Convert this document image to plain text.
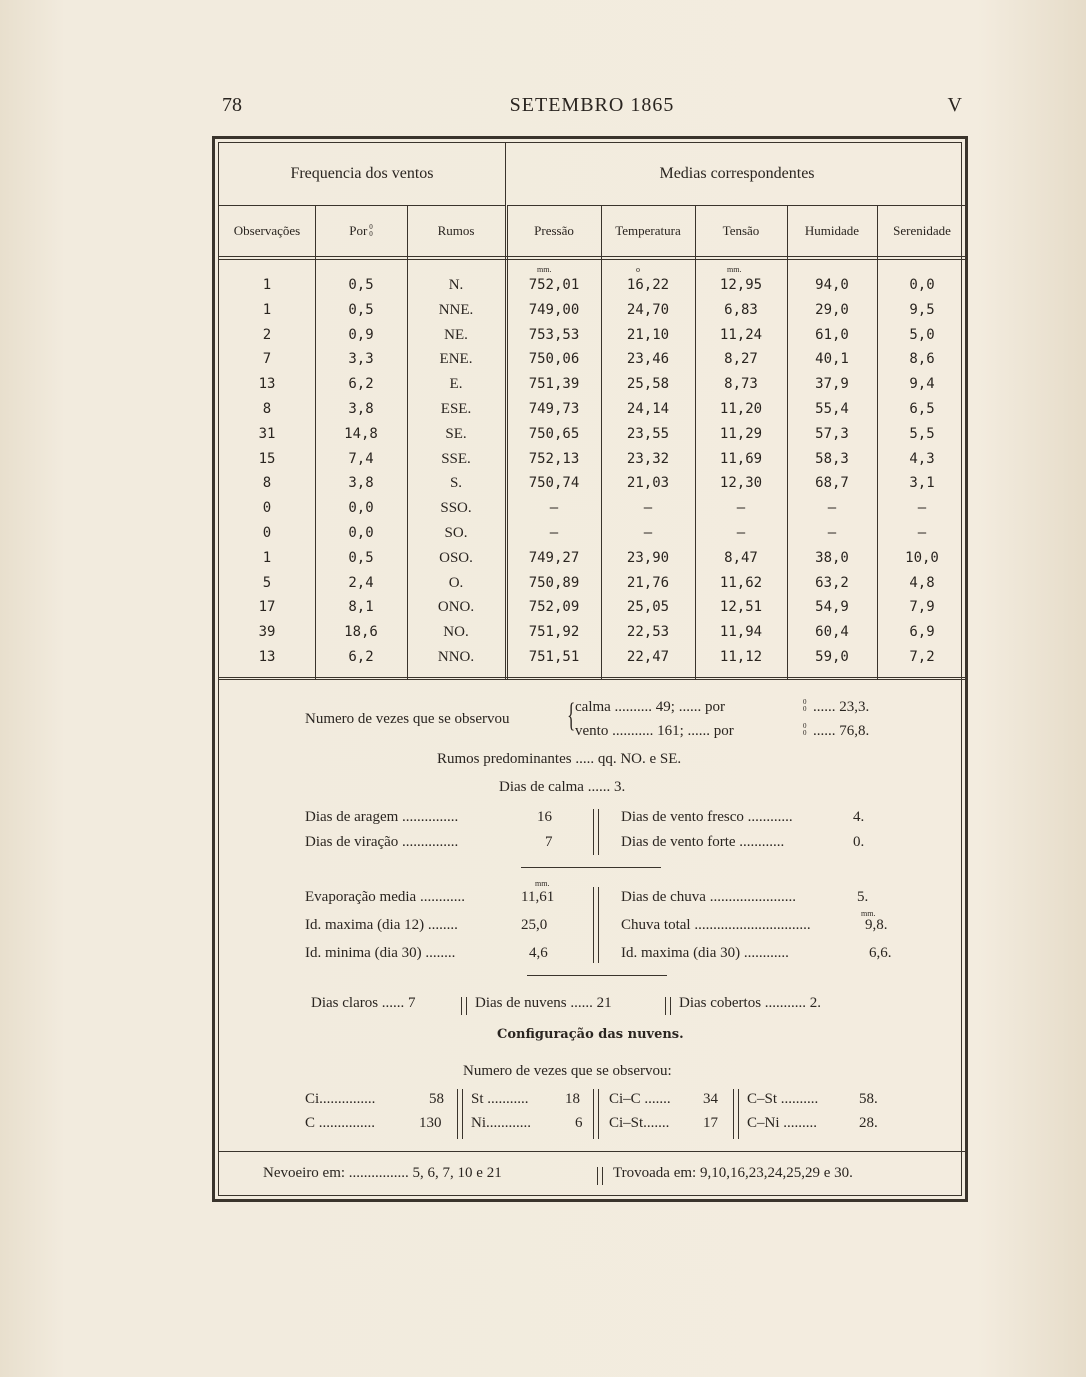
78	SETEMBRO 1865	V
Frequencia dos ventos	Medias correspondentes
Observações	Por 0
0	Rumos	Pressão	Temperatura	Tensão	Humidade	Serenidade
mm.	o	mm.
1	0,5	N.	752,01	16,22	12,95	94,0	0,0
1	0,5	NNE.	749,00	24,70	6,83	29,0	9,5
2	0,9	NE.	753,53	21,10	11,24	61,0	5,0
7	3,3	ENE.	750,06	23,46	8,27	40,1	8,6
13	6,2	E.	751,39	25,58	8,73	37,9	9,4
8	3,8	ESE.	749,73	24,14	11,20	55,4	6,5
31	14,8	SE.	750,65	23,55	11,29	57,3	5,5
15	7,4	SSE.	752,13	23,32	11,69	58,3	4,3
8	3,8	S.	750,74	21,03	12,30	68,7	3,1
0	0,0	SSO.	—	—	—	—	—
0	0,0	SO.	—	—	—	—	—
1	0,5	OSO.	749,27	23,90	8,47	38,0	10,0
5	2,4	O.	750,89	21,76	11,62	63,2	4,8
17	8,1	ONO.	752,09	25,05	12,51	54,9	7,9
39	18,6	NO.	751,92	22,53	11,94	60,4	6,9
13	6,2	NNO.	751,51	22,47	11,12	59,0	7,2
Numero de vezes que se observou { calma .......... 49; ...... por	0
0 ...... 23,3.
vento ........... 161; ...... por	0
0 ...... 76,8.
Rumos predominantes ..... qq. NO. e SE.
Dias de calma ...... 3.
Dias de aragem ...............	16
Dias de viração ...............	7
Dias de vento fresco ............	4.
Dias de vento forte ............	0.
mm.
Evaporação media ............	11,61
Id. maxima (dia 12) ........	25,0
Id. minima (dia 30) ........	4,6
Dias de chuva .......................	5.
mm.
Chuva total ...............................	9,8.
Id. maxima (dia 30) ............	6,6.
Dias claros ...... 7	Dias de nuvens ...... 21	Dias cobertos ........... 2.
Configuração das nuvens.
Numero de vezes que se observou:
Ci...............	58
C ...............	130
St ........... 18
Ni............	6
Ci–C ....... 34
Ci–St....... 17
C–St ..........	58.
C–Ni .........	28.
Nevoeiro em: ................ 5, 6, 7, 10 e 21	Trovoada em: 9,10,16,23,24,25,29 e 30.
